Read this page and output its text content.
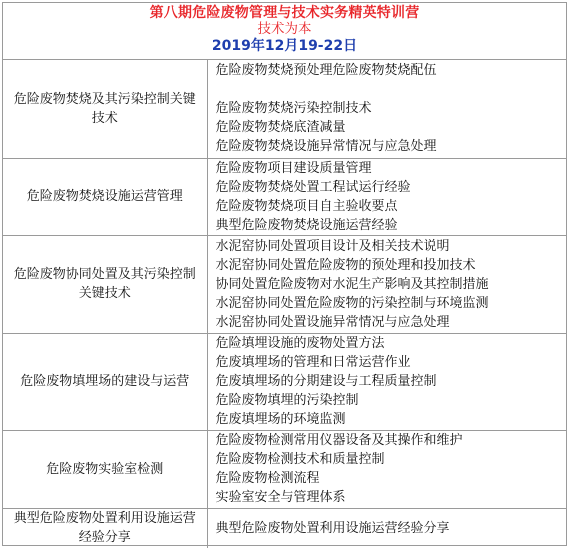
第八期危险废物管理与技术实务精英特训营
技术为本
2019年12月19-22日
危险废物焚烧及其污染控制关键技术	危险废物焚烧预处理危险废物焚烧配伍
危险废物焚烧污染控制技术
危险废物焚烧底渣减量
危险废物焚烧设施异常情况与应急处理

危险废物焚烧设施运营管理	危险废物项目建设质量管理
危险废物焚烧处置工程试运行经验
危险废物焚烧项目自主验收要点
典型危险废物焚烧设施运营经验

危险废物协同处置及其污染控制关键技术	水泥窑协同处置项目设计及相关技术说明
水泥窑协同处置危险废物的预处理和投加技术
协同处置危险废物对水泥生产影响及其控制措施
水泥窑协同处置危险废物的污染控制与环境监测
水泥窑协同处置设施异常情况与应急处理

危险废物填埋场的建设与运营	危险填埋设施的废物处置方法
危废填埋场的管理和日常运营作业
危废填埋场的分期建设与工程质量控制
危险废物填埋的污染控制
危废填埋场的环境监测

危险废物实验室检测	危险废物检测常用仪器设备及其操作和维护
危险废物检测技术和质量控制
危险废物检测流程
实验室安全与管理体系

典型危险废物处置利用设施运营经验分享	典型危险废物处置利用设施运营经验分享
